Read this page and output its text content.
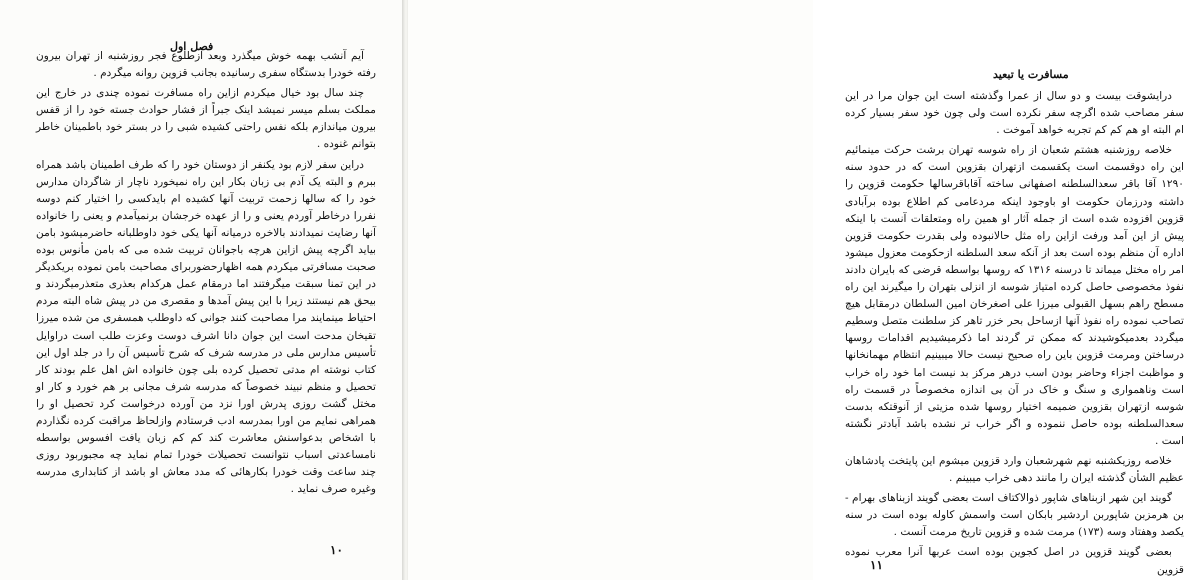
فصل اول

آیم آنشب بهمه خوش میگذرد وبعد ازطلوع فجر روزشنبه از تهران بیرون رفته خودرا بدستگاه سفری رسانیده بجانب قزوین روانه میگردم .

چند سال بود خیال میکردم ازاین راه مسافرت نموده چندی در خارج این مملکت بسلم میسر نمیشد اینک جبراً از فشار حوادث جسته خود را از قفس بیرون میاندازم بلکه نفس راحتی کشیده شبی را در بستر خود باطمینان خاطر بتوانم غنوده .

دراین سفر لازم بود یکنفر از دوستان خود را که طرف اطمینان باشد همراه ببرم و البته یک آدم بی زبان بکار این راه نمیخورد ناچار از شاگردان مدارس خود را که سالها زحمت تربیت آنها کشیده ام بایدکسی را اختیار کنم دوسه نفررا درخاطر آوردم یعنی و را از عهده خرجشان برنمیآمدم و یعنی را خانواده آنها رضایت نمیدادند بالاخره درمیانه آنها یکی خود داوطلبانه حاضرمیشود بامن بیاید اگرچه پیش ازاین هرچه باجوانان تربیت شده می که بامن مأنوس بوده صحبت مسافرتی میکردم همه اظهارحضوربرای مصاحبت بامن نموده بریکدیگر در این تمنا سبقت میگرفتند اما درمقام عمل هرکدام بعذری متعذرمیگردند و بیحق هم نیستند زیرا با این پیش آمدها و مقصری من در پیش شاه البته مردم احتیاط مینمایند مرا مصاحبت کنند جوانی که داوطلب همسفری من شده میرزا تقیخان مدحت است این جوان دانا اشرف دوست وعزت طلب است دراوایل تأسیس مدارس ملی در مدرسه شرف که شرح تأسیس آن را در جلد اول این کتاب نوشته ام مدتی تحصیل کرده بلی چون خانواده اش اهل علم بودند کار تحصیل و منظم نبیند خصوصاً که مدرسه شرف مجانی بر هم خورد و کار او مختل گشت روزی پدرش اورا نزد من آورده درخواست کرد تحصیل او را همراهی نمایم من اورا بمدرسه ادب فرستادم وازلحاظ مراقبت کرده نگذاردم با اشخاص بدعواسنش معاشرت کند کم کم زبان یافت افسوس بواسطه نامساعدتی اسباب نتوانست تحصیلات خودرا تمام نماید چه مجبوربود روزی چند ساعت وقت خودرا بکارهائی که مدد معاش او باشد از کتابداری مدرسه وغیره صرف نماید .

۱۰
مسافرت یا تبعید

درایشوقت بیست و دو سال از عمرا وگذشته است این جوان مرا در این سفر مصاحب شده اگرچه سفر نکرده است ولی چون خود سفر بسیار کرده ام البته او هم کم کم تجربه خواهد آموخت .

خلاصه روزشنبه هشتم شعبان از راه شوسه تهران برشت حرکت مینمائیم این راه دوقسمت است یکقسمت ازتهران بقزوین است که در حدود سنه ۱۲۹۰ آقا باقر سعدالسلطنه اصفهانی ساخته آقاباقرسالها حکومت قزوین را داشته ودرزمان حکومت او باوجود اینکه مردعامی کم اطلاع بوده برآبادی قزوین افزوده شده است از جمله آثار او همین راه ومتعلقات آنست با اینکه پیش از این آمد ورفت ازاین راه مثل حالانبوده ولی بقدرت حکومت قزوین اداره آن منظم بوده است بعد از آنکه سعد السلطنه ازحکومت معزول میشود امر راه مختل میماند تا درسنه ۱۳۱۶ که روسها بواسطه قرضی که بایران دادند نفوذ مخصوصی حاصل کرده امتیاز شوسه از انزلی بتهران را میگیرند این راه مسطح راهم بسهل القبولی میرزا علی اصغرخان امین السلطان درمقابل هیچ تصاحب نموده راه نفوذ آنها ازساحل بحر خزر تاهر کز سلطنت متصل وسطیم میگردد بعدمیکوشیدند که ممکن تر گردند اما ذکرمیشیدیم اقدامات روسها درساختن ومرمت قزوین باین راه صحیح نیست حالا میبینیم انتظام مهمانخانها و مواظبت اجزاء وحاضر بودن اسب درهر مرکز بد نیست اما خود راه خراب است وناهمواری و سنگ و خاک در آن بی اندازه مخصوصاً در قسمت راه شوسه ازتهران بقزوین ضمیمه اختیار روسها شده مزیتی از آنوقتکه بدست سعدالسلطنه بوده حاصل ننموده و اگر خراب تر نشده باشد آبادتر نگشته است .

خلاصه روزیکشنبه نهم شهرشعبان وارد قزوین میشوم این پایتخت پادشاهان عظیم الشأن گذشته ایران را مانند دهی خراب میبینم .

گویند این شهر ازبناهای شاپور ذوالاکتاف است بعضی گویند ازبناهای بهرام - بن هرمزبن شاپوربن اردشیر بابکان است واسمش کاوله بوده است در سنه یکصد وهفتاد وسه (۱۷۳) مرمت شده و قزوین تاریخ مرمت آنست .

بعضی گویند قزوین در اصل کجوین بوده است عربها آنرا معرب نموده قزوین

۱۱
